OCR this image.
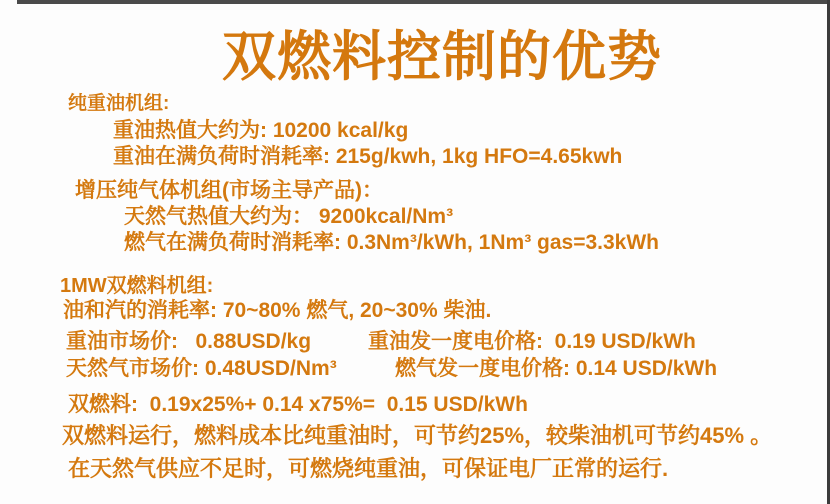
双燃料控制的优势
纯重油机组:
重油热值大约为: 10200 kcal/kg
重油在满负荷时消耗率: 215g/kwh, 1kg HFO=4.65kwh
增压纯气体机组(市场主导产品)：
天然气热值大约为： 9200kcal/Nm³
燃气在满负荷时消耗率: 0.3Nm³/kWh, 1Nm³ gas=3.3kWh
1MW双燃料机组:
油和汽的消耗率: 70~80% 燃气, 20~30% 柴油.
重油市场价:   0.88USD/kg	重油发一度电价格:  0.19 USD/kWh
天然气市场价: 0.48USD/Nm³	燃气发一度电价格: 0.14 USD/kWh
双燃料:  0.19x25%+ 0.14 x75%=  0.15 USD/kWh
双燃料运行，燃料成本比纯重油时，可节约25%，较柴油机可节约45% 。
在天然气供应不足时，可燃烧纯重油，可保证电厂正常的运行.
